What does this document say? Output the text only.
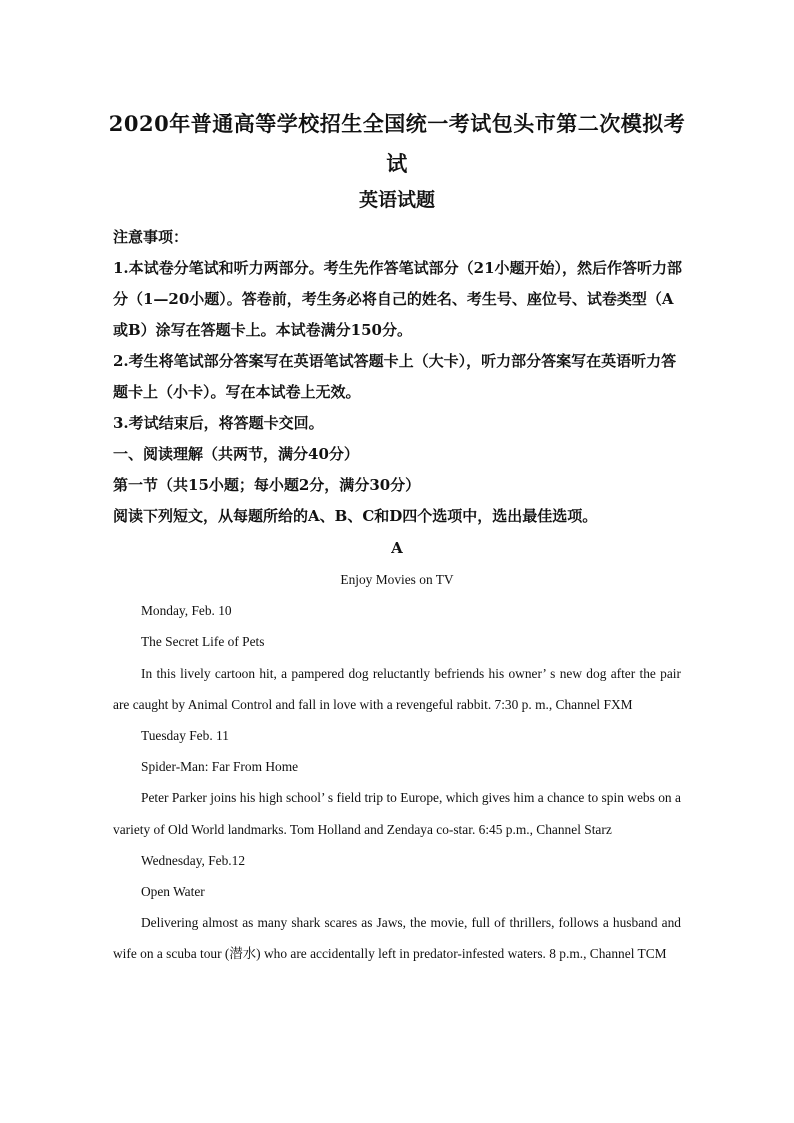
2020年普通高等学校招生全国统一考试包头市第二次模拟考试
英语试题

注意事项：

1.本试卷分笔试和听力两部分。考生先作答笔试部分（21小题开始），然后作答听力部分（1—20小题）。答卷前，考生务必将自己的姓名、考生号、座位号、试卷类型（A或B）涂写在答题卡上。本试卷满分150分。

2.考生将笔试部分答案写在英语笔试答题卡上（大卡），听力部分答案写在英语听力答题卡上（小卡）。写在本试卷上无效。

3.考试结束后，将答题卡交回。

一、阅读理解（共两节，满分40分）

第一节（共15小题；每小题2分，满分30分）

阅读下列短文，从每题所给的A、B、C和D四个选项中，选出最佳选项。

A

Enjoy Movies on TV

Monday, Feb. 10

The Secret Life of Pets

In this lively cartoon hit, a pampered dog reluctantly befriends his owner’ s new dog after the pair are caught by Animal Control and fall in love with a revengeful rabbit. 7:30 p. m., Channel FXM

Tuesday Feb. 11

Spider-Man: Far From Home

Peter Parker joins his high school’ s field trip to Europe, which gives him a chance to spin webs on a variety of Old World landmarks. Tom Holland and Zendaya co-star. 6:45 p.m., Channel Starz

Wednesday, Feb.12

Open Water

Delivering almost as many shark scares as Jaws, the movie, full of thrillers, follows a husband and wife on a scuba tour (潜水) who are accidentally left in predator-infested waters. 8 p.m., Channel TCM
